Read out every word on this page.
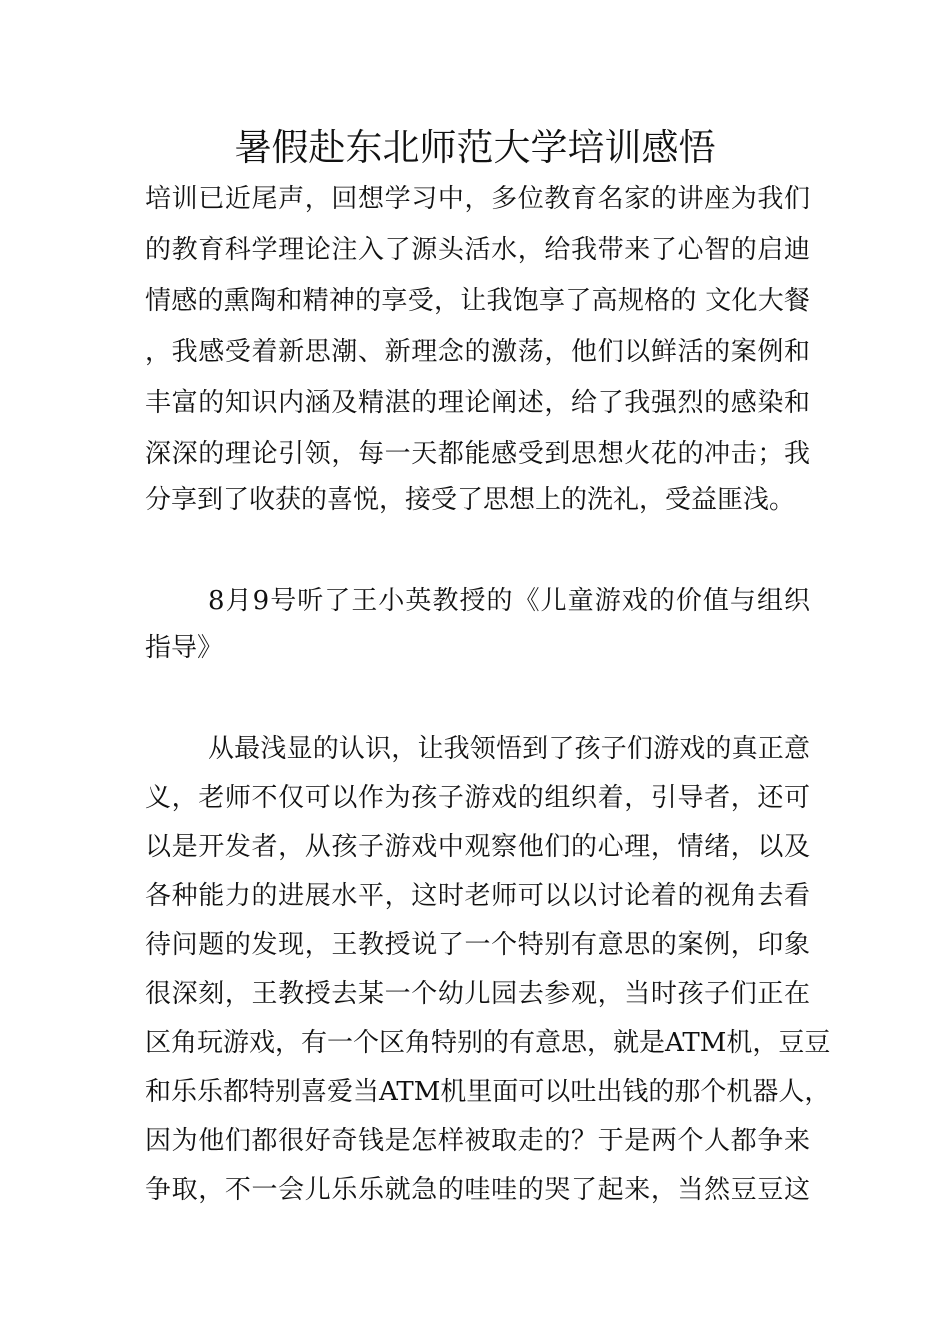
暑假赴东北师范大学培训感悟
培训已近尾声，回想学习中，多位教育名家的讲座为我们
的教育科学理论注入了源头活水，给我带来了心智的启迪
情感的熏陶和精神的享受，让我饱享了高规格的 文化大餐
，我感受着新思潮、新理念的激荡，他们以鲜活的案例和
丰富的知识内涵及精湛的理论阐述，给了我强烈的感染和
深深的理论引领，每一天都能感受到思想火花的冲击；我
分享到了收获的喜悦，接受了思想上的洗礼，受益匪浅。
8月9号听了王小英教授的《儿童游戏的价值与组织
指导》
从最浅显的认识，让我领悟到了孩子们游戏的真正意
义，老师不仅可以作为孩子游戏的组织着，引导者，还可
以是开发者，从孩子游戏中观察他们的心理，情绪，以及
各种能力的进展水平，这时老师可以以讨论着的视角去看
待问题的发现，王教授说了一个特别有意思的案例，印象
很深刻，王教授去某一个幼儿园去参观，当时孩子们正在
区角玩游戏，有一个区角特别的有意思，就是ATM机，豆豆
和乐乐都特别喜爱当ATM机里面可以吐出钱的那个机器人，
因为他们都很好奇钱是怎样被取走的？于是两个人都争来
争取，不一会儿乐乐就急的哇哇的哭了起来，当然豆豆这
